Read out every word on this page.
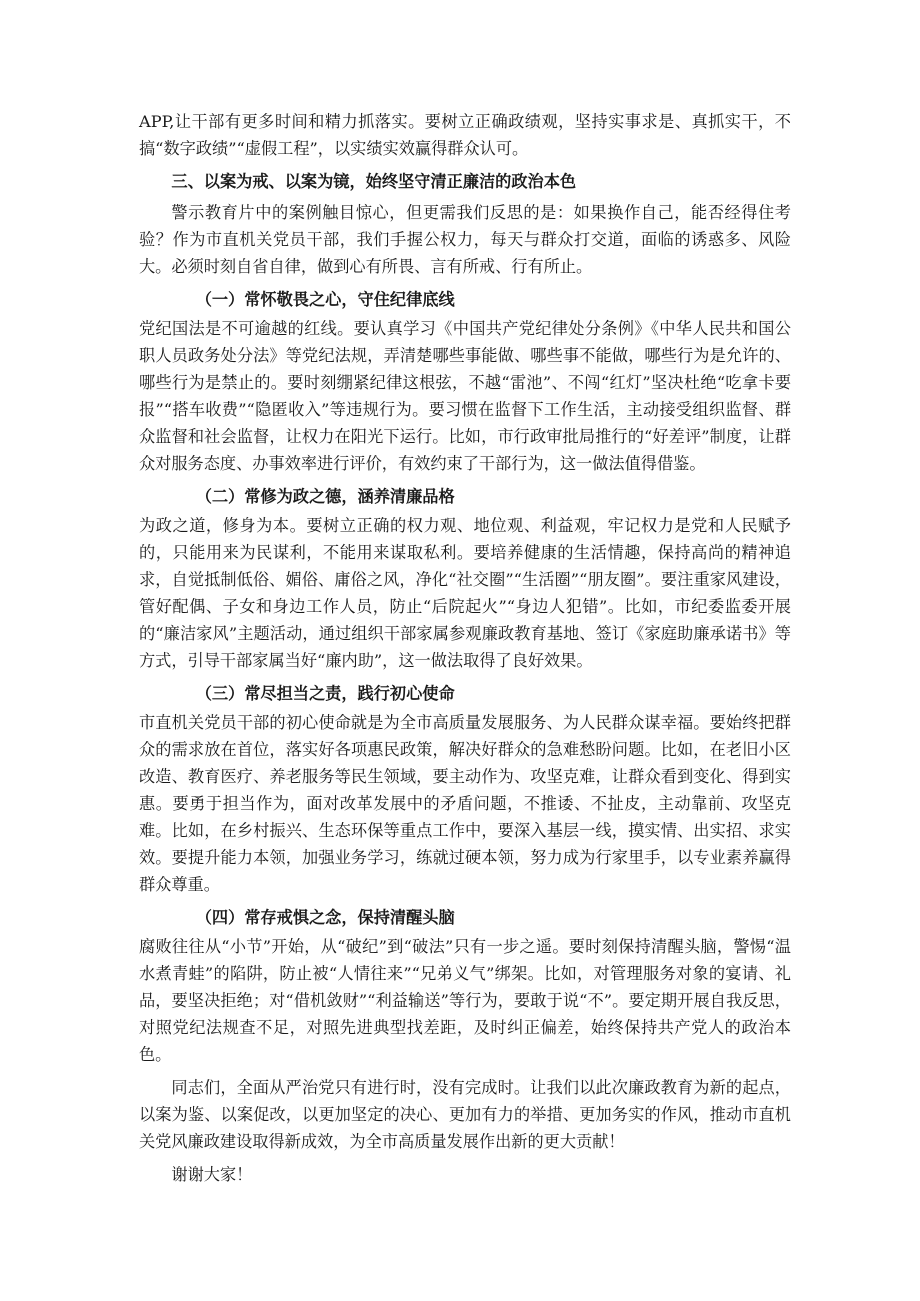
APP,让干部有更多时间和精力抓落实。要树立正确政绩观，坚持实事求是、真抓实干，不搞“数字政绩”“虚假工程”，以实绩实效赢得群众认可。

三、以案为戒、以案为镜，始终坚守清正廉洁的政治本色

警示教育片中的案例触目惊心，但更需我们反思的是：如果换作自己，能否经得住考验？作为市直机关党员干部，我们手握公权力，每天与群众打交道，面临的诱惑多、风险大。必须时刻自省自律，做到心有所畏、言有所戒、行有所止。

（一）常怀敬畏之心，守住纪律底线

党纪国法是不可逾越的红线。要认真学习《中国共产党纪律处分条例》《中华人民共和国公职人员政务处分法》等党纪法规，弄清楚哪些事能做、哪些事不能做，哪些行为是允许的、哪些行为是禁止的。要时刻绷紧纪律这根弦，不越“雷池”、不闯“红灯”坚决杜绝“吃拿卡要报”“搭车收费”“隐匿收入”等违规行为。要习惯在监督下工作生活，主动接受组织监督、群众监督和社会监督，让权力在阳光下运行。比如，市行政审批局推行的“好差评”制度，让群众对服务态度、办事效率进行评价，有效约束了干部行为，这一做法值得借鉴。

（二）常修为政之德，涵养清廉品格

为政之道，修身为本。要树立正确的权力观、地位观、利益观，牢记权力是党和人民赋予的，只能用来为民谋利，不能用来谋取私利。要培养健康的生活情趣，保持高尚的精神追求，自觉抵制低俗、媚俗、庸俗之风，净化“社交圈”“生活圈”“朋友圈”。要注重家风建设，管好配偶、子女和身边工作人员，防止“后院起火”“身边人犯错”。比如，市纪委监委开展的“廉洁家风”主题活动，通过组织干部家属参观廉政教育基地、签订《家庭助廉承诺书》等方式，引导干部家属当好“廉内助”，这一做法取得了良好效果。

（三）常尽担当之责，践行初心使命

市直机关党员干部的初心使命就是为全市高质量发展服务、为人民群众谋幸福。要始终把群众的需求放在首位，落实好各项惠民政策，解决好群众的急难愁盼问题。比如，在老旧小区改造、教育医疗、养老服务等民生领域，要主动作为、攻坚克难，让群众看到变化、得到实惠。要勇于担当作为，面对改革发展中的矛盾问题，不推诿、不扯皮，主动靠前、攻坚克难。比如，在乡村振兴、生态环保等重点工作中，要深入基层一线，摸实情、出实招、求实效。要提升能力本领，加强业务学习，练就过硬本领，努力成为行家里手，以专业素养赢得群众尊重。

（四）常存戒惧之念，保持清醒头脑

腐败往往从“小节”开始，从“破纪”到“破法”只有一步之遥。要时刻保持清醒头脑，警惕“温水煮青蛙”的陷阱，防止被“人情往来”“兄弟义气”绑架。比如，对管理服务对象的宴请、礼品，要坚决拒绝；对“借机敛财”“利益输送”等行为，要敢于说“不”。要定期开展自我反思，对照党纪法规查不足，对照先进典型找差距，及时纠正偏差，始终保持共产党人的政治本色。

同志们，全面从严治党只有进行时，没有完成时。让我们以此次廉政教育为新的起点，以案为鉴、以案促改，以更加坚定的决心、更加有力的举措、更加务实的作风，推动市直机关党风廉政建设取得新成效，为全市高质量发展作出新的更大贡献！

谢谢大家！
